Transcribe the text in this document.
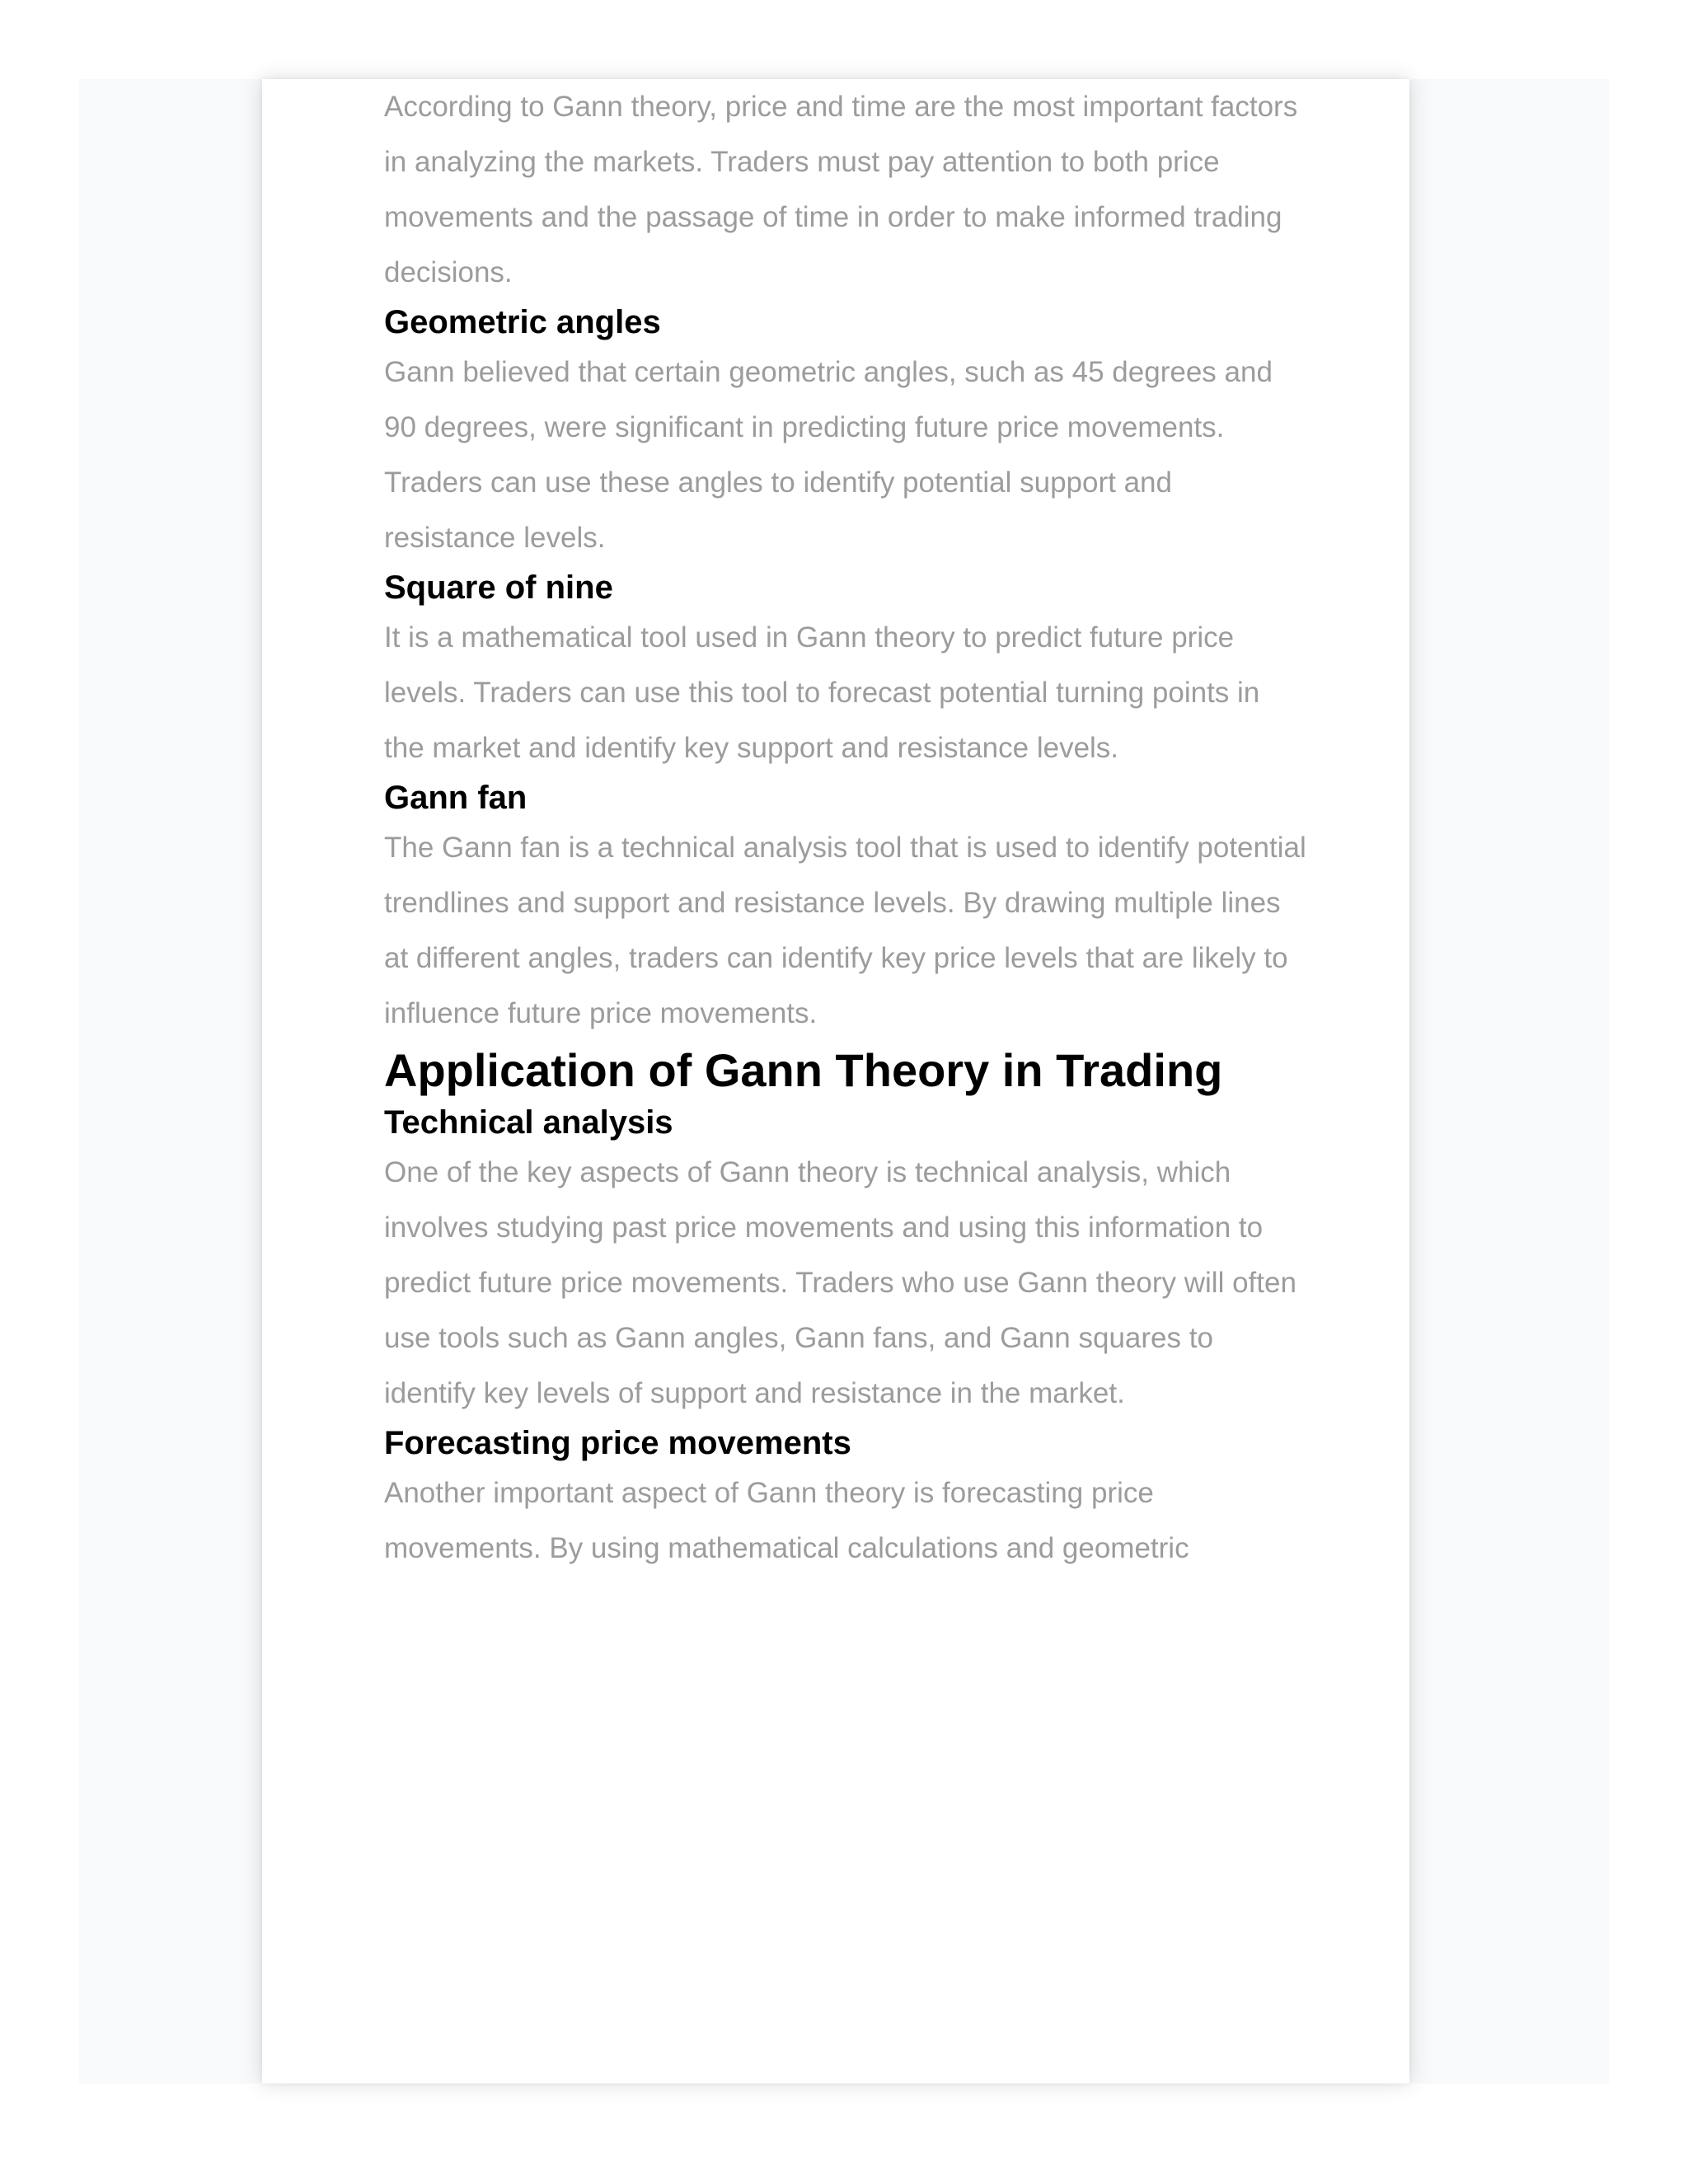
According to Gann theory, price and time are the most important factors in analyzing the markets. Traders must pay attention to both price movements and the passage of time in order to make informed trading decisions.

Geometric angles

Gann believed that certain geometric angles, such as 45 degrees and 90 degrees, were significant in predicting future price movements. Traders can use these angles to identify potential support and resistance levels.

Square of nine

It is a mathematical tool used in Gann theory to predict future price levels. Traders can use this tool to forecast potential turning points in the market and identify key support and resistance levels.

Gann fan

The Gann fan is a technical analysis tool that is used to identify potential trendlines and support and resistance levels. By drawing multiple lines at different angles, traders can identify key price levels that are likely to influence future price movements.

Application of Gann Theory in Trading
Technical analysis

One of the key aspects of Gann theory is technical analysis, which involves studying past price movements and using this information to predict future price movements. Traders who use Gann theory will often use tools such as Gann angles, Gann fans, and Gann squares to identify key levels of support and resistance in the market.

Forecasting price movements

Another important aspect of Gann theory is forecasting price movements. By using mathematical calculations and geometric
